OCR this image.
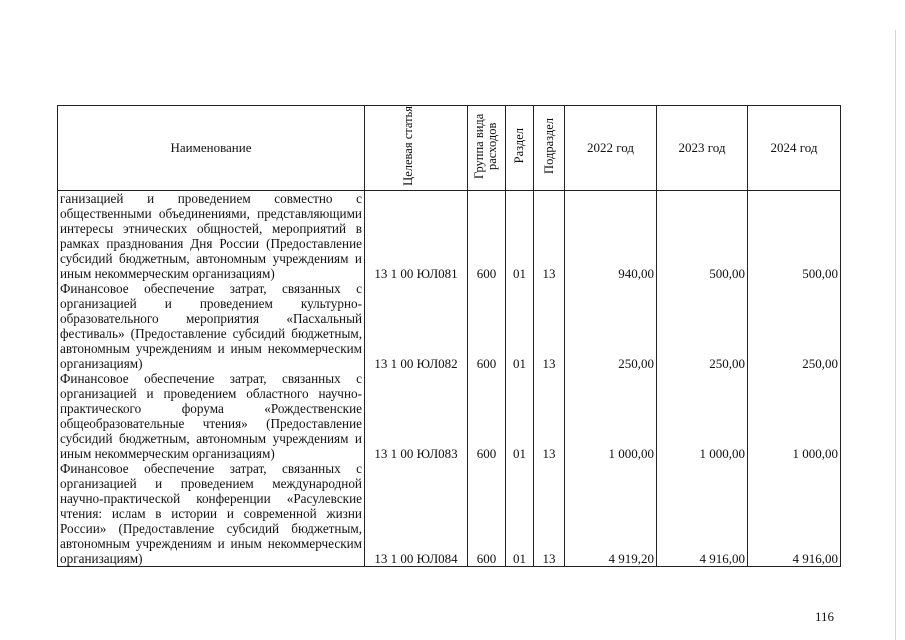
Наименование	Целевая статья	Группа вида расходов	Раздел	Подраздел	2022 год	2023 год	2024 год
ганизацией и проведением совместно с общественными объединениями, представляющими интересы этнических общностей, мероприятий в рамках празднования Дня России (Предоставление субсидий бюджетным, автономным учреждениям и иным некоммерческим организациям)	13 1 00 ЮЛ081	600	01	13	940,00	500,00	500,00
Финансовое обеспечение затрат, связанных с организацией и проведением культурно-образовательного мероприятия «Пасхальный фестиваль» (Предоставление субсидий бюджетным, автономным учреждениям и иным некоммерческим организациям)	13 1 00 ЮЛ082	600	01	13	250,00	250,00	250,00
Финансовое обеспечение затрат, связанных с организацией и проведением областного научно-практического форума «Рождественские общеобразовательные чтения» (Предоставление субсидий бюджетным, автономным учреждениям и иным некоммерческим организациям)	13 1 00 ЮЛ083	600	01	13	1 000,00	1 000,00	1 000,00
Финансовое обеспечение затрат, связанных с организацией и проведением международной научно-практической конференции «Расулевские чтения: ислам в истории и современной жизни России» (Предоставление субсидий бюджетным, автономным учреждениям и иным некоммерческим организациям)	13 1 00 ЮЛ084	600	01	13	4 919,20	4 916,00	4 916,00
116
